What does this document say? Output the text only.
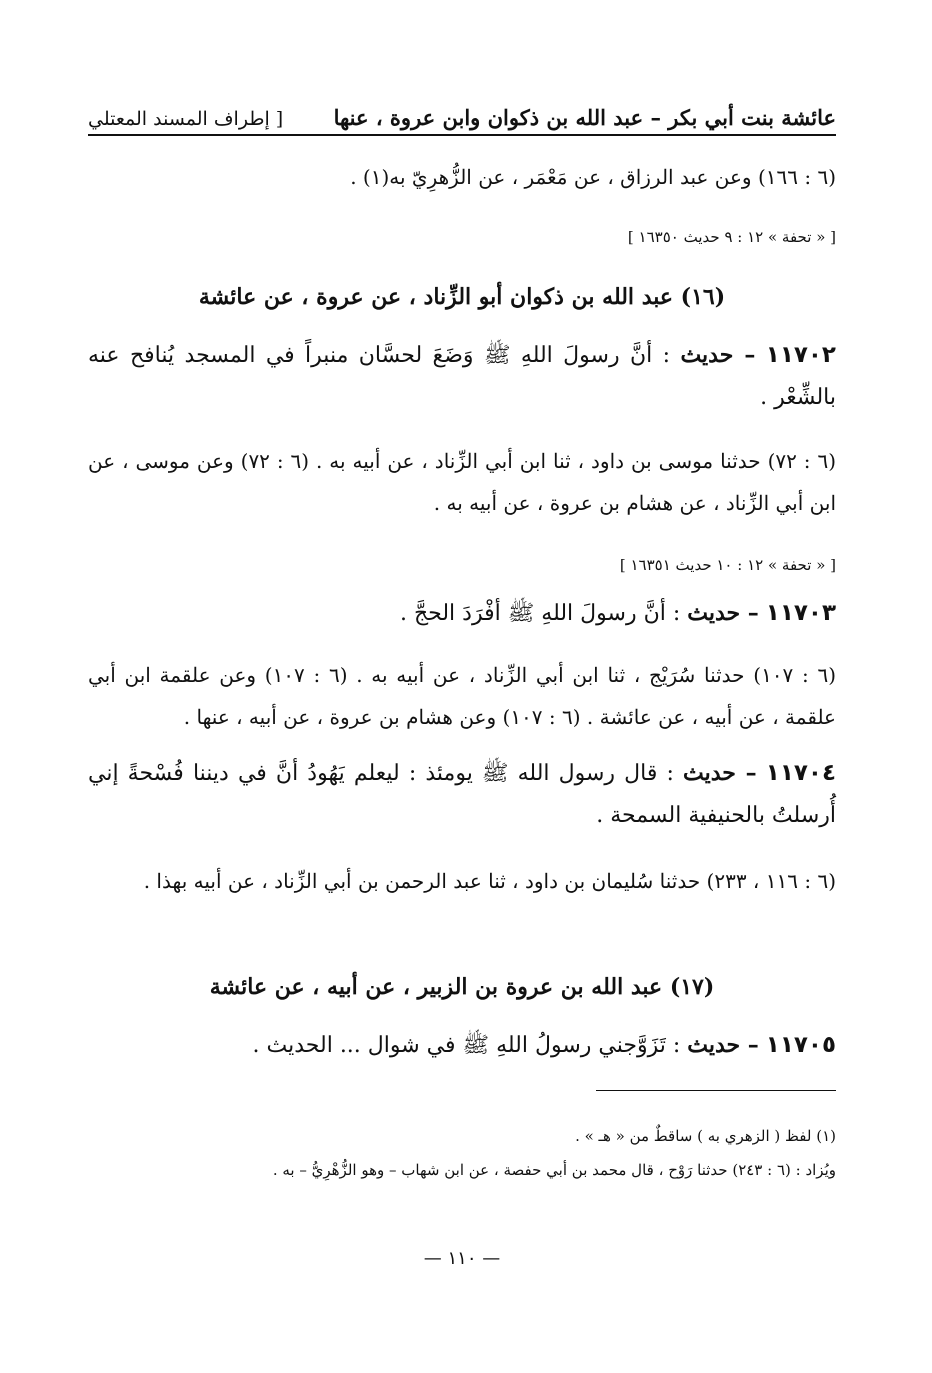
عائشة بنت أبي بكر – عبد الله بن ذكوان وابن عروة ، عنها
[ إطراف المسند المعتلي
(٦ : ١٦٦) وعن عبد الرزاق ، عن مَعْمَر ، عن الزُّهرِيّ به(١) .
[ « تحفة » ١٢ : ٩ حديث ١٦٣٥٠ ]
(١٦) عبد الله بن ذكوان أبو الزِّناد ، عن عروة ، عن عائشة
١١٧٠٢ – حديث : أنَّ رسولَ اللهِ ﷺ وَضَعَ لحسَّان منبراً في المسجد يُنافح عنه بالشِّعْر .
(٦ : ٧٢) حدثنا موسى بن داود ، ثنا ابن أبي الزِّناد ، عن أبيه به . (٦ : ٧٢) وعن موسى ، عن ابن أبي الزِّناد ، عن هشام بن عروة ، عن أبيه به .
[ « تحفة » ١٢ : ١٠ حديث ١٦٣٥١ ]
١١٧٠٣ – حديث : أنَّ رسولَ اللهِ ﷺ أفْرَدَ الحجَّ .
(٦ : ١٠٧) حدثنا سُرَيْج ، ثنا ابن أبي الزِّناد ، عن أبيه به . (٦ : ١٠٧) وعن علقمة ابن أبي علقمة ، عن أبيه ، عن عائشة . (٦ : ١٠٧) وعن هشام بن عروة ، عن أبيه ، عنها .
١١٧٠٤ – حديث : قال رسول الله ﷺ يومئذ : ليعلم يَهُودُ أنَّ في ديننا فُسْحةً إني أُرسلتُ بالحنيفية السمحة .
(٦ : ١١٦ ، ٢٣٣) حدثنا سُليمان بن داود ، ثنا عبد الرحمن بن أبي الزِّناد ، عن أبيه بهذا .
(١٧) عبد الله بن عروة بن الزبير ، عن أبيه ، عن عائشة
١١٧٠٥ – حديث : تَزَوَّجني رسولُ اللهِ ﷺ في شوال ... الحديث .
(١) لفظ ( الزهري به ) ساقطٌ من « هـ » .
ويُزاد : (٦ : ٢٤٣) حدثنا رَوْح ، قال محمد بن أبي حفصة ، عن ابن شهاب – وهو الزُّهْرِيُّ – به .
— ١١٠ —
